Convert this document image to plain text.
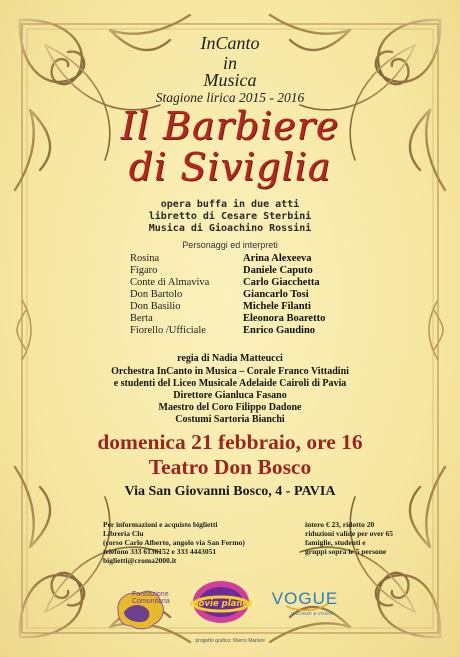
InCanto
in
Musica
Stagione lirica 2015 - 2016
Il Barbiere
di Siviglia
opera buffa in due atti
libretto di Cesare Sterbini
Musica di Gioachino Rossini
Personaggi ed interpreti
Rosina	Arina Alexeeva
Figaro	Daniele Caputo
Conte di Almaviva	Carlo Giacchetta
Don Bartolo	Giancarlo Tosi
Don Basilio	Michele Filanti
Berta	Eleonora Boaretto
Fiorello /Ufficiale	Enrico Gaudino
regia di Nadia Matteucci
Orchestra InCanto in Musica – Corale Franco Vittadini
e studenti del Liceo Musicale Adelaide Cairoli di Pavia
Direttore Gianluca Fasano
Maestro del Coro Filippo Dadone
Costumi Sartoria Bianchi
domenica 21 febbraio, ore 16
Teatro Don Bosco
Via San Giovanni Bosco, 4 - PAVIA
Per informazioni e acquisto biglietti
Libreria Clu
(corso Carlo Alberto, angolo via San Fermo)
telefono 333 6136152 e 333 4443051
biglietti@croma2000.it
intero € 23, ridotto 20
riduzioni valide per over 65
famiglie, studenti e
gruppi sopra le 5 persone
Fondazione
Comunitaria movie planet VOGUE
VACANZE & VIAGGI
progetto grafico: Marco Mariani
